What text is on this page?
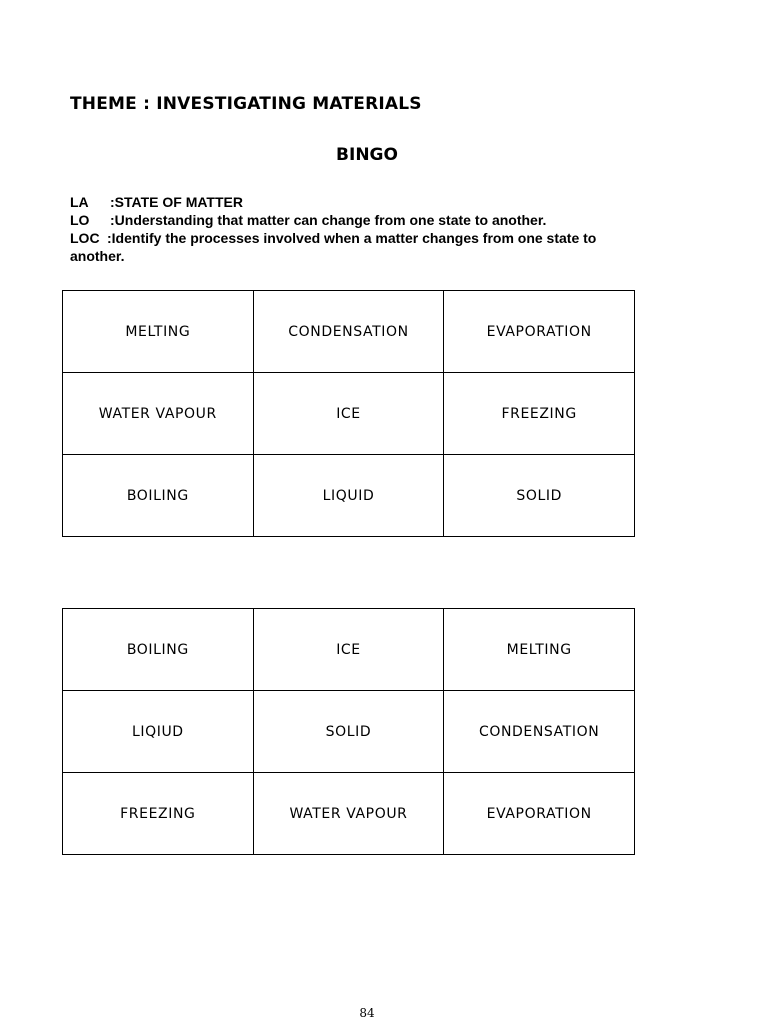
THEME : INVESTIGATING MATERIALS
BINGO
LA	:STATE OF MATTER
LO	:Understanding that matter can change from one state to another.
LOC :Identify the processes involved when a matter changes from one state to
another.
MELTING	CONDENSATION	EVAPORATION
WATER VAPOUR	ICE	FREEZING
BOILING	LIQUID	SOLID
BOILING	ICE	MELTING
LIQIUD	SOLID	CONDENSATION
FREEZING	WATER VAPOUR	EVAPORATION
84
